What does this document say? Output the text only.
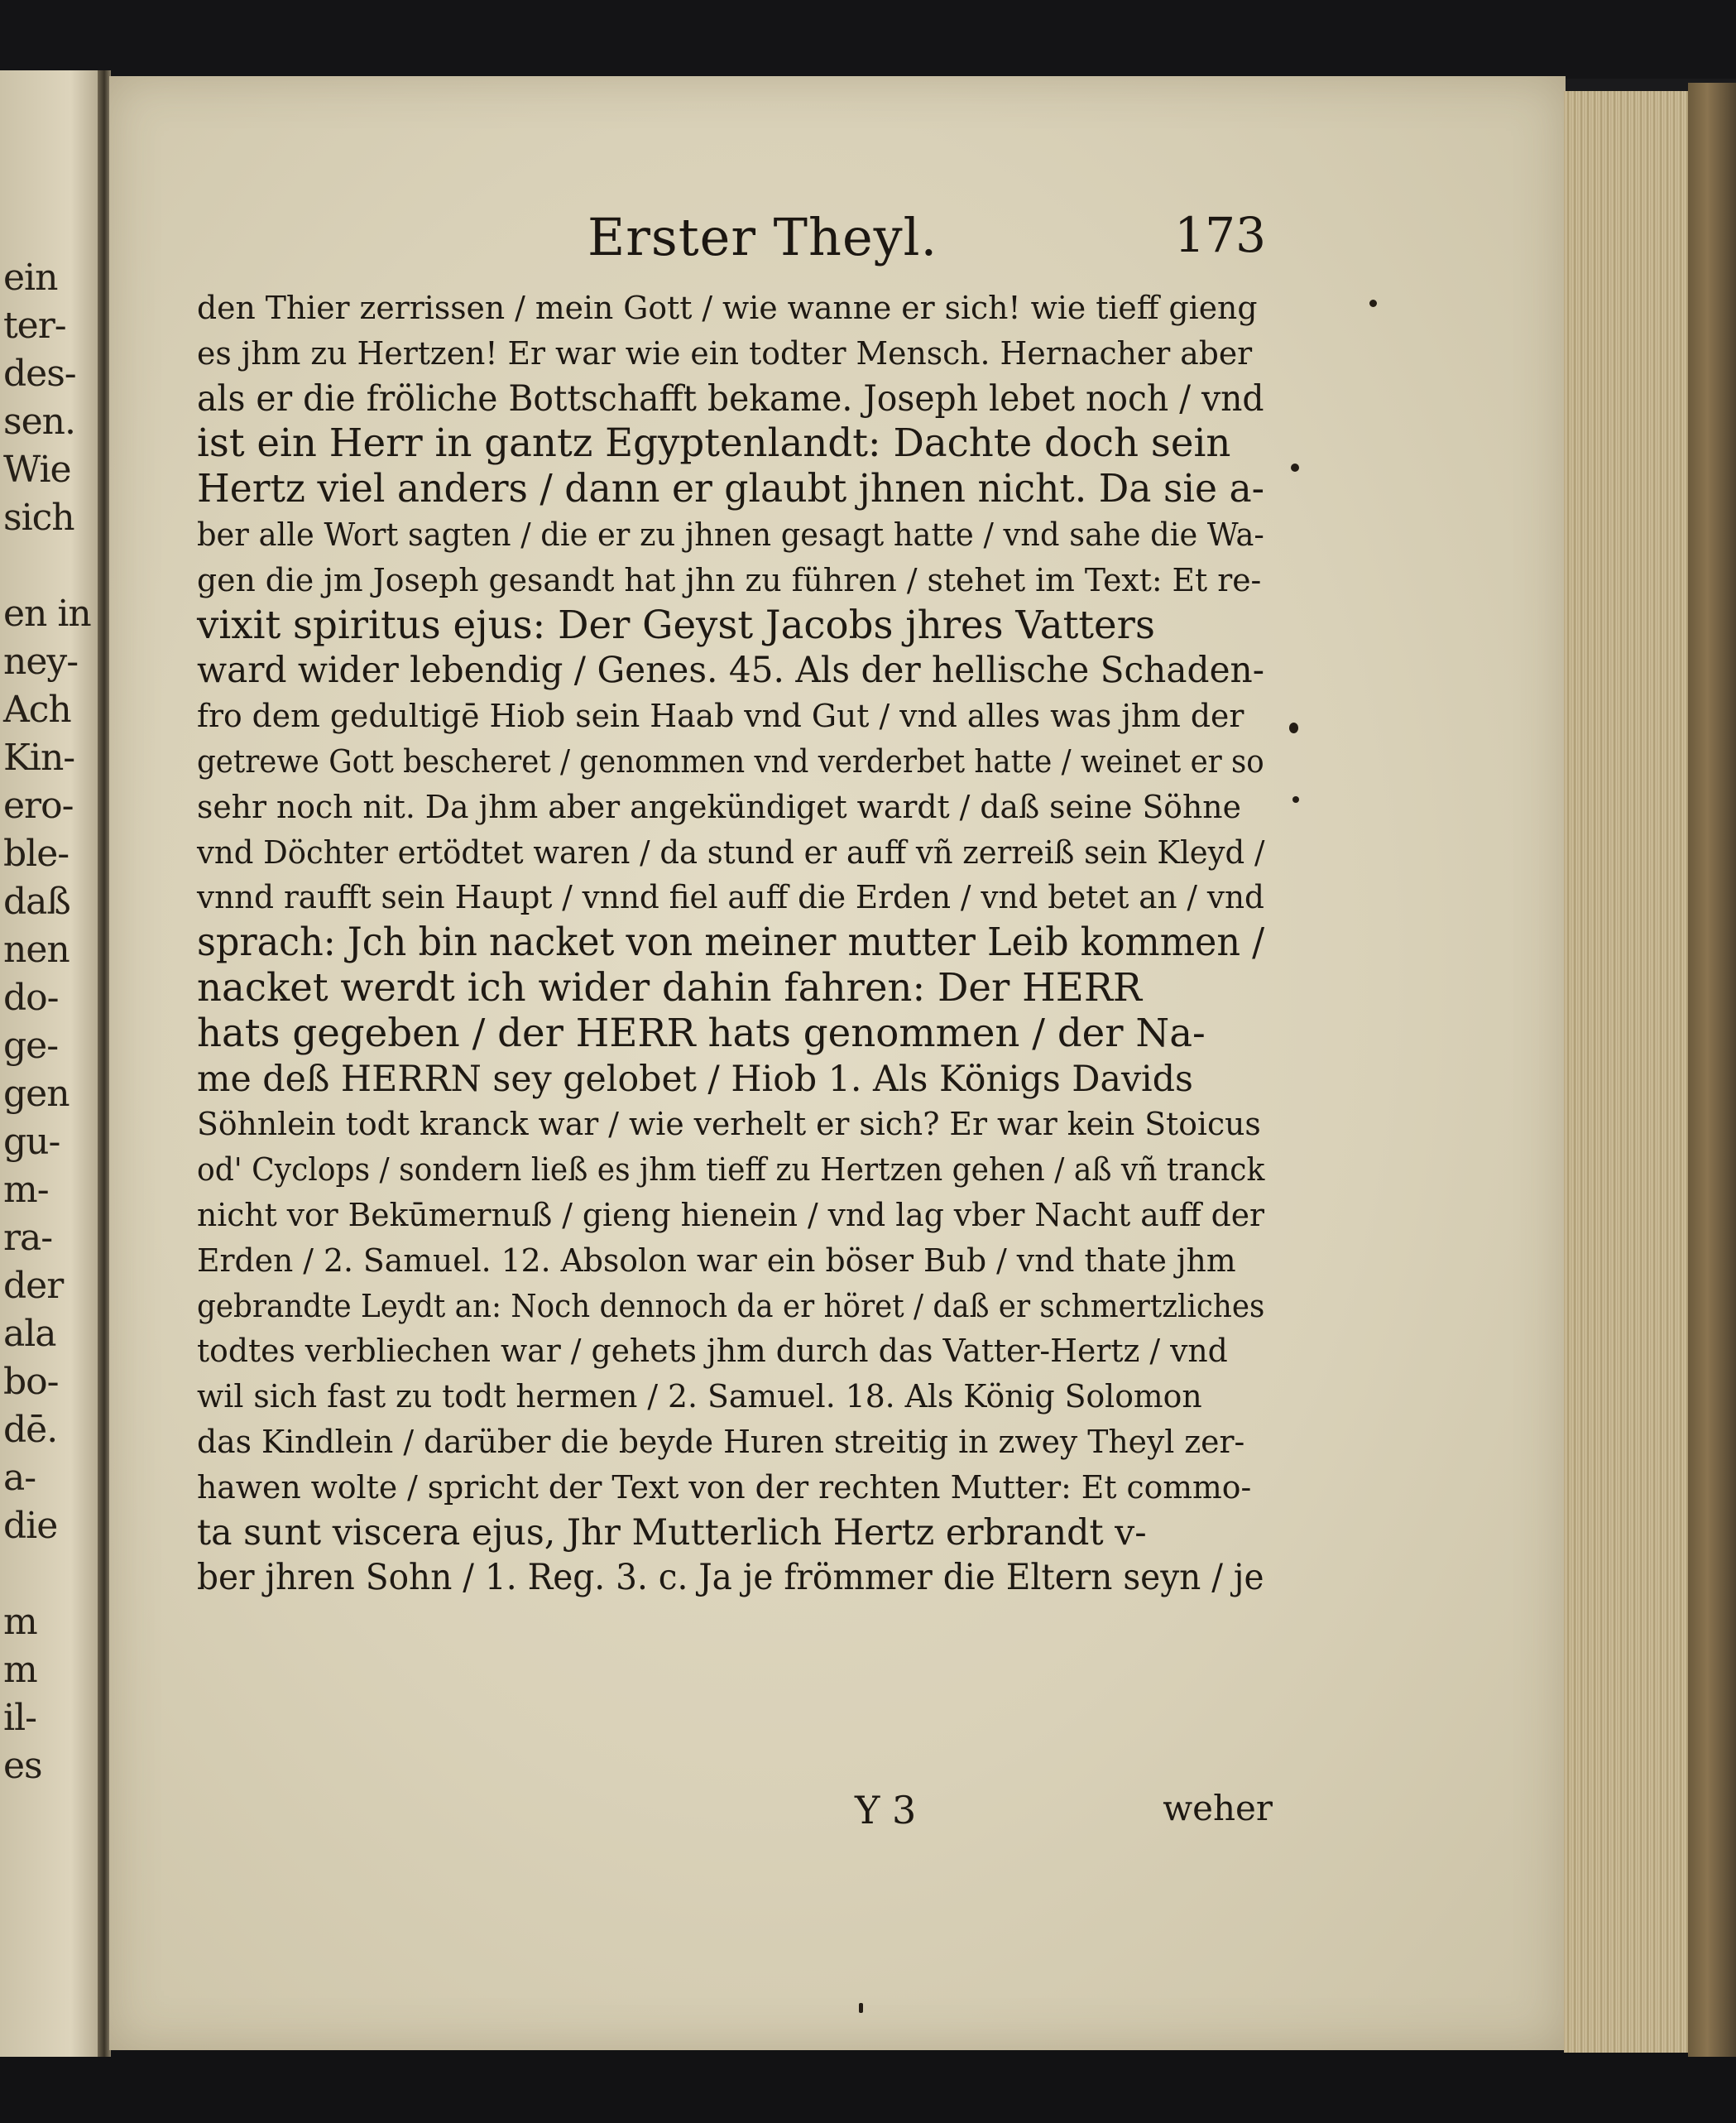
ein
ter-
des-
sen.
Wie
sich
en in
ney-
Ach
Kin-
ero-
ble-
daß
nen
do-
ge-
gen
gu-
m-
ra-
der
ala
bo-
dē.
a-
die
m
m
il-
es
Erster Theyl.	173
den Thier zerrissen / mein Gott / wie wanne er sich! wie tieff gieng
es jhm zu Hertzen! Er war wie ein todter Mensch. Hernacher aber
als er die fröliche Bottschafft bekame. Joseph lebet noch / vnd
ist ein Herr in gantz Egyptenlandt: Dachte doch sein
Hertz viel anders / dann er glaubt jhnen nicht. Da sie a-
ber alle Wort sagten / die er zu jhnen gesagt hatte / vnd sahe die Wa-
gen die jm Joseph gesandt hat jhn zu führen / stehet im Text: Et re-
vixit spiritus ejus: Der Geyst Jacobs jhres Vatters
ward wider lebendig / Genes. 45. Als der hellische Schaden-
fro dem gedultigē Hiob sein Haab vnd Gut / vnd alles was jhm der
getrewe Gott bescheret / genommen vnd verderbet hatte / weinet er so
sehr noch nit. Da jhm aber angekündiget wardt / daß seine Söhne
vnd Döchter ertödtet waren / da stund er auff vñ zerreiß sein Kleyd /
vnnd raufft sein Haupt / vnnd fiel auff die Erden / vnd betet an / vnd
sprach: Jch bin nacket von meiner mutter Leib kommen /
nacket werdt ich wider dahin fahren: Der HERR
hats gegeben / der HERR hats genommen / der Na-
me deß HERRN sey gelobet / Hiob 1. Als Königs Davids
Söhnlein todt kranck war / wie verhelt er sich? Er war kein Stoicus
od' Cyclops / sondern ließ es jhm tieff zu Hertzen gehen / aß vñ tranck
nicht vor Bekūmernuß / gieng hienein / vnd lag vber Nacht auff der
Erden / 2. Samuel. 12. Absolon war ein böser Bub / vnd thate jhm
gebrandte Leydt an: Noch dennoch da er höret / daß er schmertzliches
todtes verbliechen war / gehets jhm durch das Vatter-Hertz / vnd
wil sich fast zu todt hermen / 2. Samuel. 18. Als König Solomon
das Kindlein / darüber die beyde Huren streitig in zwey Theyl zer-
hawen wolte / spricht der Text von der rechten Mutter: Et commo-
ta sunt viscera ejus, Jhr Mutterlich Hertz erbrandt v-
ber jhren Sohn / 1. Reg. 3. c. Ja je frömmer die Eltern seyn / je
Y 3	weher
